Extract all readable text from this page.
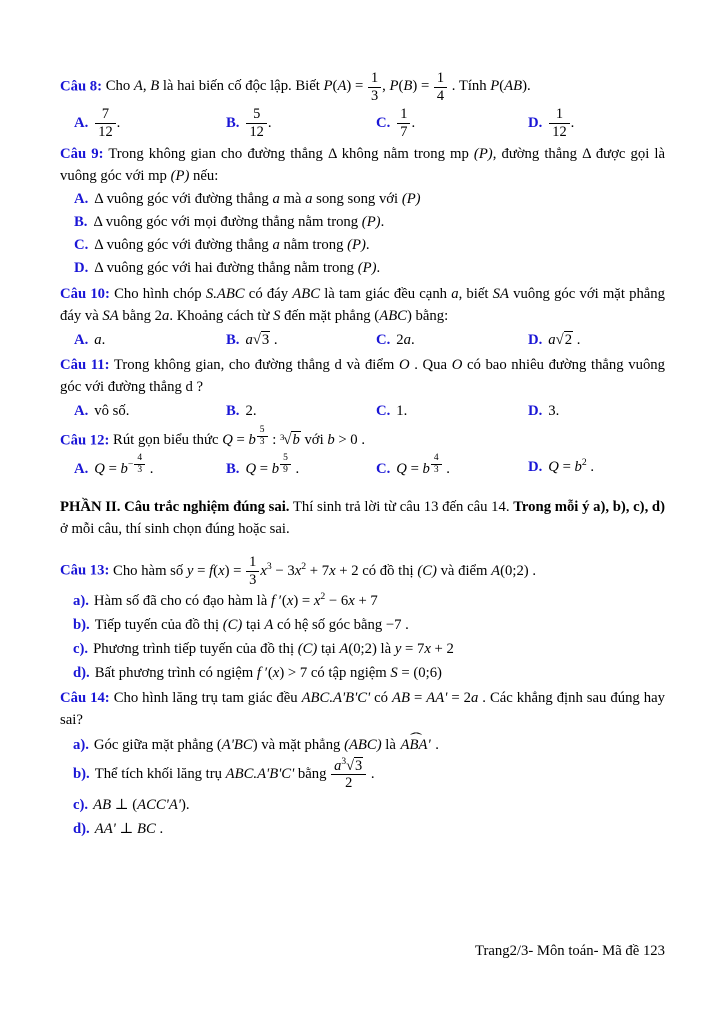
Câu 8: Cho A, B là hai biến cố độc lập. Biết $P(A) = \frac{1}{3}$ , $P(B) = \frac{1}{4}$ . Tính P(AB).

A. $\frac{7}{12}$ .	B. $\frac{5}{12}$ .	C. $\frac{1}{7}$ .	D. $\frac{1}{12}$ .

Câu 9: Trong không gian cho đường thẳng Δ không nằm trong mp (P), đường thẳng Δ được gọi là vuông góc với mp (P) nếu:

A. Δ vuông góc với đường thẳng a mà a song song với (P)
B. Δ vuông góc với mọi đường thẳng nằm trong (P).
C. Δ vuông góc với đường thẳng a nằm trong (P).
D. Δ vuông góc với hai đường thẳng nằm trong (P).

Câu 10: Cho hình chóp S.ABC có đáy ABC là tam giác đều cạnh a, biết SA vuông góc với mặt phẳng đáy và SA bằng 2a. Khoảng cách từ S đến mặt phẳng (ABC) bằng:

A. a.	B. a√3 .	C. 2a.	D. a√2 .

Câu 11: Trong không gian, cho đường thẳng d và điểm O . Qua O có bao nhiêu đường thẳng vuông góc với đường thẳng d ?

A. vô số.	B. 2.	C. 1.	D. 3.

Câu 12: Rút gọn biểu thức Q = b $^{\frac{5}{3}}$ : $^3$√b với b > 0 .

A. $Q = b^{- \frac{4}{3}}$ .	B. Q = b $^{\frac{5}{9}}$ .	C. Q = b $^{\frac{4}{3}}$ .	D. $Q = b^2$ .

PHẦN II. Câu trắc nghiệm đúng sai. Thí sinh trả lời từ câu 13 đến câu 14. Trong mỗi ý a), b), c), d) ở mỗi câu, thí sinh chọn đúng hoặc sai.

Câu 13: Cho hàm số $y = f(x) = \frac{1}{3} x^3 - 3x^2 + 7x + 2$ có đồ thị (C) và điểm A(0;2) .

a). Hàm số đã cho có đạo hàm là f $'(x) = x^2 - 6x + 7$
b). Tiếp tuyến của đồ thị (C) tại A có hệ số góc bằng −7 .
c). Phương trình tiếp tuyến của đồ thị (C) tại A(0;2) là y = 7x + 2
d). Bất phương trình có ngiệm f ′(x) > 7 có tập ngiệm S = (0;6)

Câu 14: Cho hình lăng trụ tam giác đều ABC.A'B'C' có AB = AA' = 2a . Các khẳng định sau đúng hay sai?

a). Góc giữa mặt phẳng (A'BC) và mặt phẳng (ABC) là ˆ ABA' .
b). Thể tích khối lăng trụ ABC.A'B'C' bằng $\frac{a^3√3}{2}$ .
c). AB ⊥ (ACC'A').
d). AA' ⊥ BC .
Trang2/3- Môn toán- Mã đề 123
